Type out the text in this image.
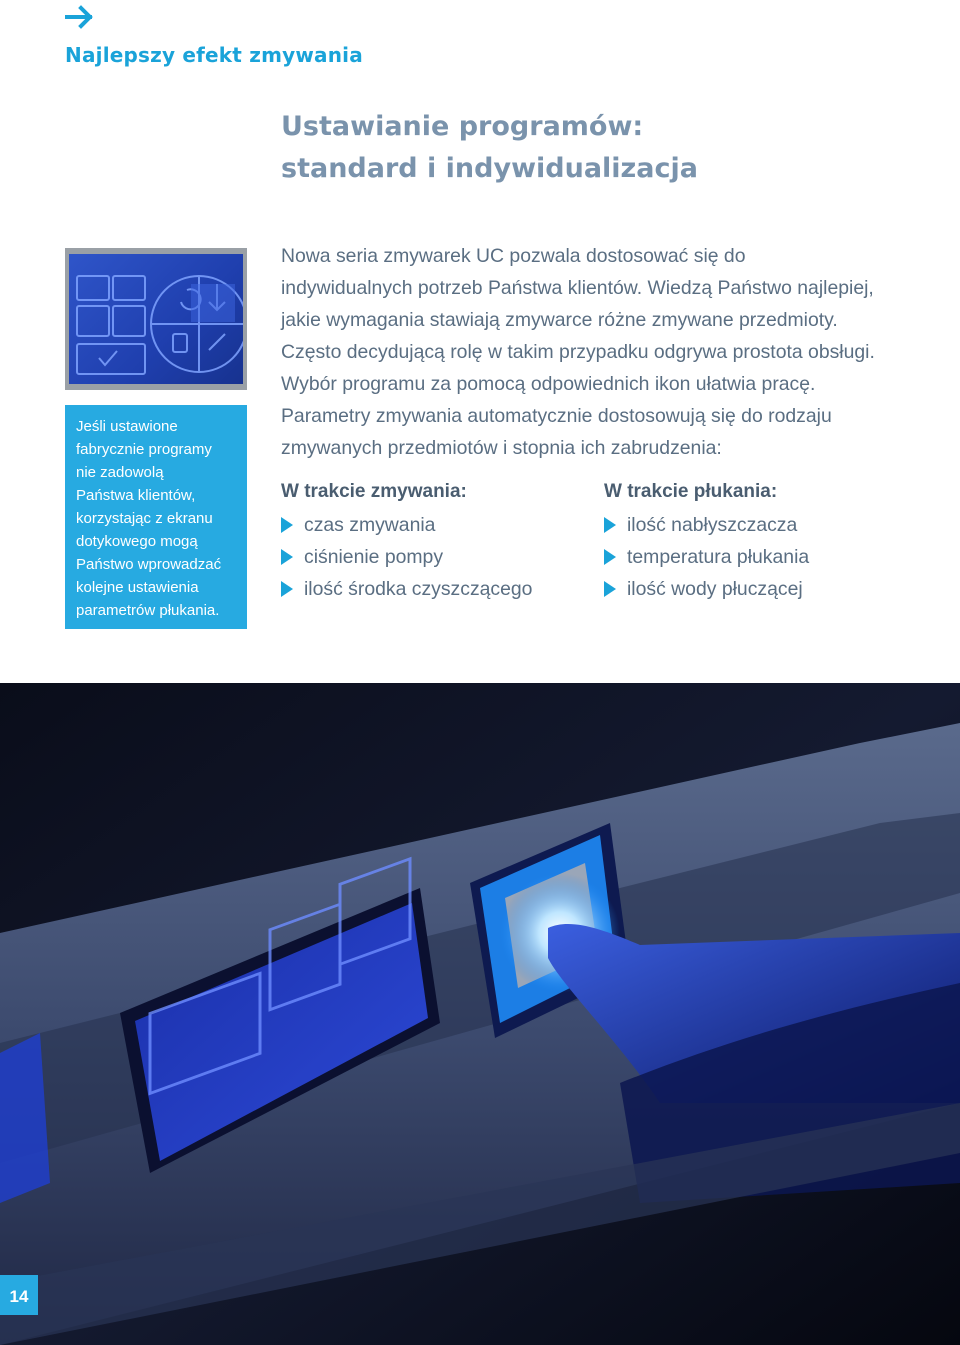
Najlepszy efekt zmywania
Ustawianie programów:
standard i indywidualizacja
Jeśli ustawione
fabrycznie programy
nie zadowolą
Państwa klientów,
korzystając z ekranu
dotykowego mogą
Państwo wprowadzać
kolejne ustawienia
parametrów płukania.
Nowa seria zmywarek UC pozwala dostosować się do
indywidualnych potrzeb Państwa klientów. Wiedzą Państwo najlepiej,
jakie wymagania stawiają zmywarce różne zmywane przedmioty.
Często decydującą rolę w takim przypadku odgrywa prostota obsługi.
Wybór programu za pomocą odpowiednich ikon ułatwia pracę.
Parametry zmywania automatycznie dostosowują się do rodzaju
zmywanych przedmiotów i stopnia ich zabrudzenia:
W trakcie zmywania:
czas zmywania
ciśnienie pompy
ilość środka czyszczącego
W trakcie płukania:
ilość nabłyszczacza
temperatura płukania
ilość wody płuczącej
14
